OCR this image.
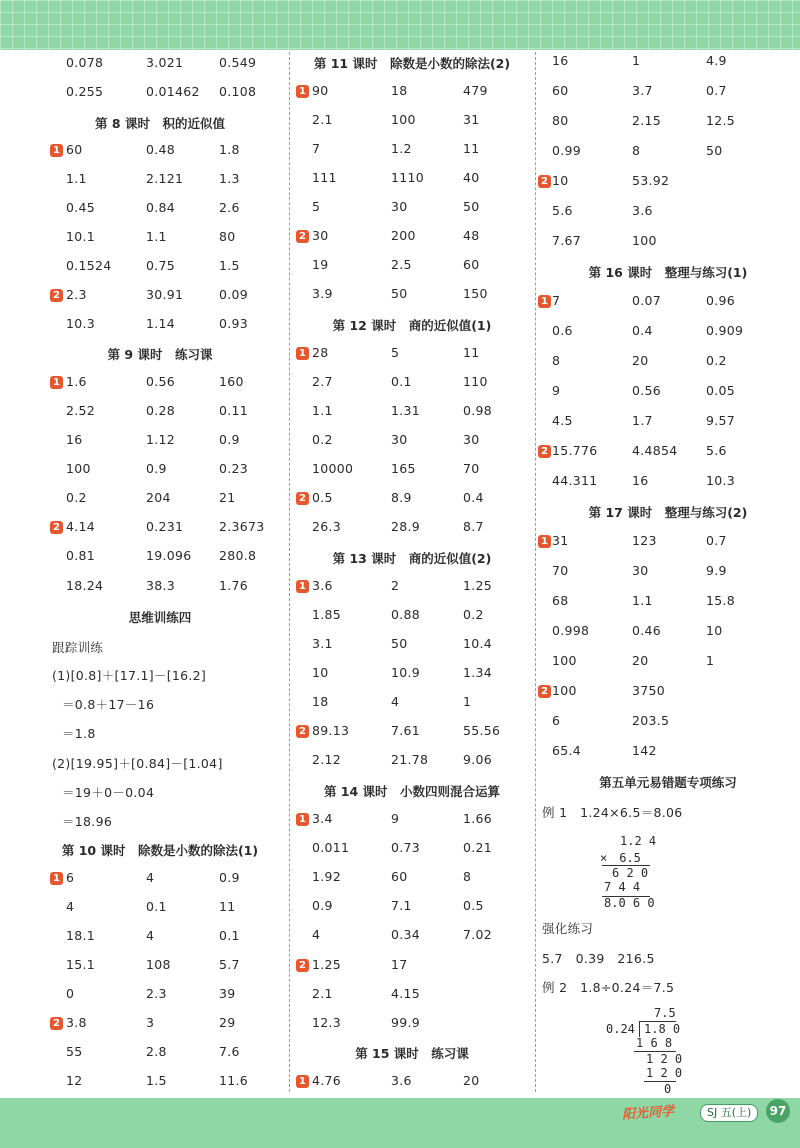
0.078	3.021	0.549
0.255	0.01462 0.108
第 8 课时　积的近似值
60	0.48	1.8
1.1	2.121	1.3
0.45	0.84	2.6
10.1	1.1	80
0.1524	0.75	1.5
1
2.3	30.91	0.09
10.3	1.14	0.93
2
第 9 课时　练习课
1.6	0.56	160
2.52	0.28	0.11
16	1.12	0.9
100	0.9	0.23
0.2	204	21
1
4.14	0.231	2.3673
0.81	19.096 280.8
18.24	38.3	1.76
2
思维训练四
跟踪训练
(1)[0.8]＋[17.1]－[16.2]
＝0.8＋17－16
＝1.8
(2)[19.95]＋[0.84]－[1.04]
＝19＋0－0.04
＝18.96
第 10 课时　除数是小数的除法(1)
6	4	0.9
4	0.1	11
18.1	4	0.1
15.1	108	5.7
0	2.3	39
1
3.8	3	29
55	2.8	7.6
12	1.5	11.6
2
第 11 课时　除数是小数的除法(2)
90	18	479
2.1	100	31
7	1.2	11
111	1110	40
5	30	50
1
30	200	48
19	2.5	60
3.9	50	150
2
第 12 课时　商的近似值(1)
28	5	11
2.7	0.1	110
1.1	1.31	0.98
0.2	30	30
10000	165	70
1
0.5	8.9	0.4
26.3	28.9	8.7
2
第 13 课时　商的近似值(2)
3.6	2	1.25
1.85	0.88	0.2
3.1	50	10.4
10	10.9	1.34
18	4	1
1
89.13	7.61	55.56
2.12	21.78	9.06
2
第 14 课时　小数四则混合运算
3.4	9	1.66
0.011	0.73	0.21
1.92	60	8
0.9	7.1	0.5
4	0.34	7.02
1
1.25	17
2.1	4.15
12.3	99.9
2
第 15 课时　练习课
4.76	3.6	20
1
16	1	4.9
60	3.7	0.7
80	2.15	12.5
0.99	8	50
10	53.92
5.6	3.6
7.67	100
2
第 16 课时　整理与练习(1)
7	0.07	0.96
0.6	0.4	0.909
8	20	0.2
9	0.56	0.05
4.5	1.7	9.57
1
15.776	4.4854 5.6
44.311	16	10.3
2
第 17 课时　整理与练习(2)
31	123	0.7
70	30	9.9
68	1.1	15.8
0.998	0.46	10
100	20	1
1
100	3750
6	203.5
65.4	142
2
第五单元易错题专项练习
例 1　1.24×6.5＝8.06
强化练习
5.7　0.39　216.5
例 2　1.8÷0.24＝7.5
1.2 4
×　6.5
6 2 0
7 4 4
8.0 6 0
7.5
0.24 1.8 0
1 6 8
1 2 0
1 2 0
0
阳光同学	SJ 五(上)	97
